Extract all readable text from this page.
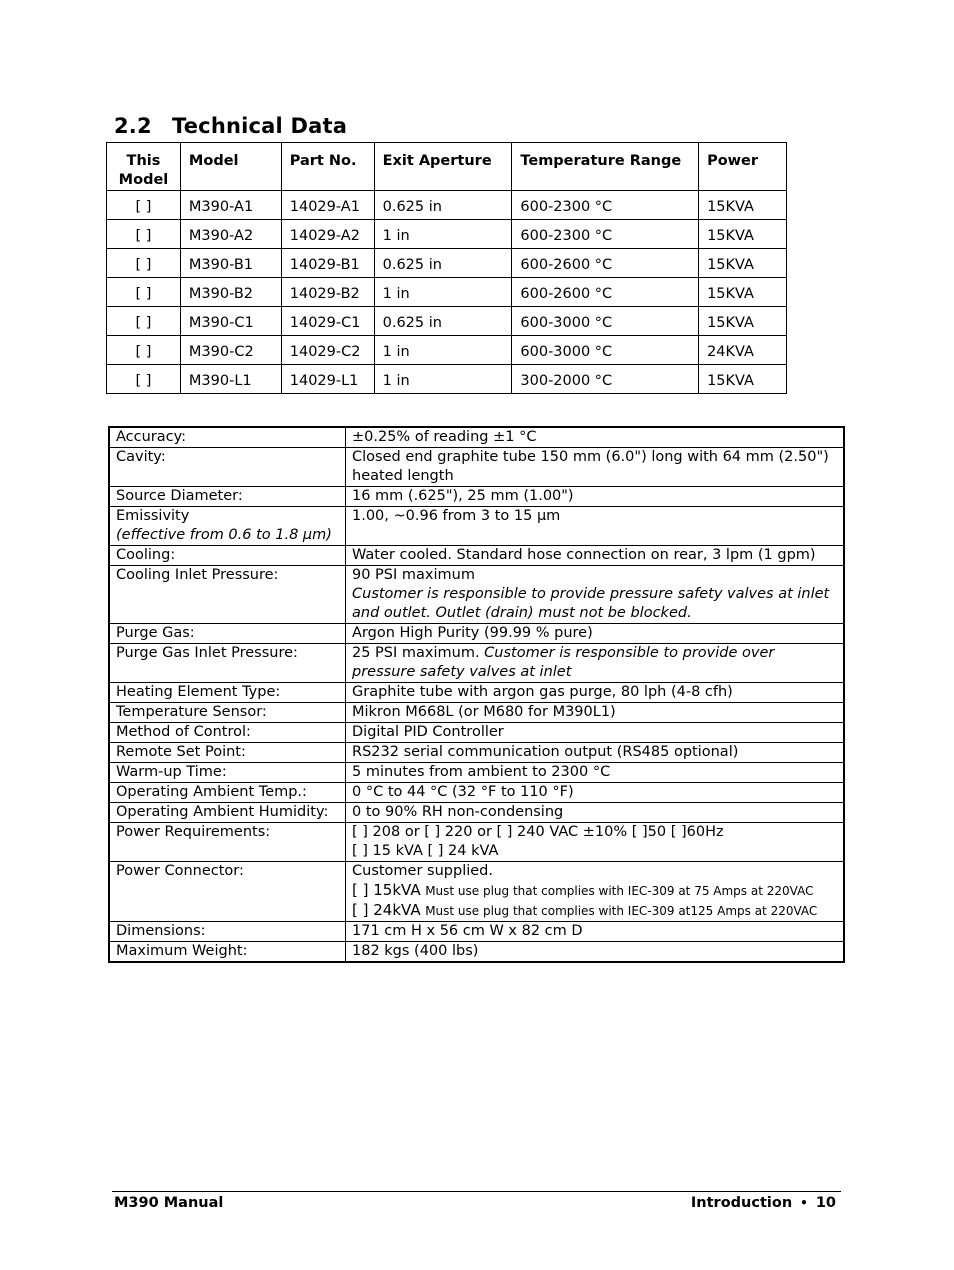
2.2 Technical Data
This Model	Model	Part No.	Exit Aperture	Temperature Range	Power
[ ]	M390-A1	14029-A1	0.625 in	600-2300 °C	15KVA
[ ]	M390-A2	14029-A2	1 in	600-2300 °C	15KVA
[ ]	M390-B1	14029-B1	0.625 in	600-2600 °C	15KVA
[ ]	M390-B2	14029-B2	1 in	600-2600 °C	15KVA
[ ]	M390-C1	14029-C1	0.625 in	600-3000 °C	15KVA
[ ]	M390-C2	14029-C2	1 in	600-3000 °C	24KVA
[ ]	M390-L1	14029-L1	1 in	300-2000 °C	15KVA
Accuracy:	±0.25% of reading ±1 °C
Cavity:	Closed end graphite tube 150 mm (6.0") long with 64 mm (2.50") heated length
Source Diameter:	16 mm (.625"), 25 mm (1.00")

Emissivity
(effective from 0.6 to 1.8 μm)	1.00, ~0.96 from 3 to 15 μm
Cooling:	Water cooled. Standard hose connection on rear, 3 lpm (1 gpm)
Cooling Inlet Pressure:	90 PSI maximum
Customer is responsible to provide pressure safety valves at inlet and outlet. Outlet (drain) must not be blocked.

Purge Gas:	Argon High Purity (99.99 % pure)
Purge Gas Inlet Pressure:	25 PSI maximum. Customer is responsible to provide over pressure safety valves at inlet
Heating Element Type:	Graphite tube with argon gas purge, 80 lph (4-8 cfh)
Temperature Sensor:	Mikron M668L (or M680 for M390L1)
Method of Control:	Digital PID Controller
Remote Set Point:	RS232 serial communication output (RS485 optional)
Warm-up Time:	5 minutes from ambient to 2300 °C
Operating Ambient Temp.:	0 °C to 44 °C (32 °F to 110 °F)
Operating Ambient Humidity:	0 to 90% RH non-condensing
Power Requirements:	[ ] 208 or [ ] 220 or [ ] 240 VAC ±10% [ ]50 [ ]60Hz
[ ] 15 kVA [ ] 24 kVA

Power Connector:	Customer supplied.
[ ] 15kVA Must use plug that complies with IEC-309 at 75 Amps at 220VAC
[ ] 24kVA Must use plug that complies with IEC-309 at125 Amps at 220VAC

Dimensions:	171 cm H x 56 cm W x 82 cm D
Maximum Weight:	182 kgs (400 lbs)
M390 Manual	Introduction • 10
